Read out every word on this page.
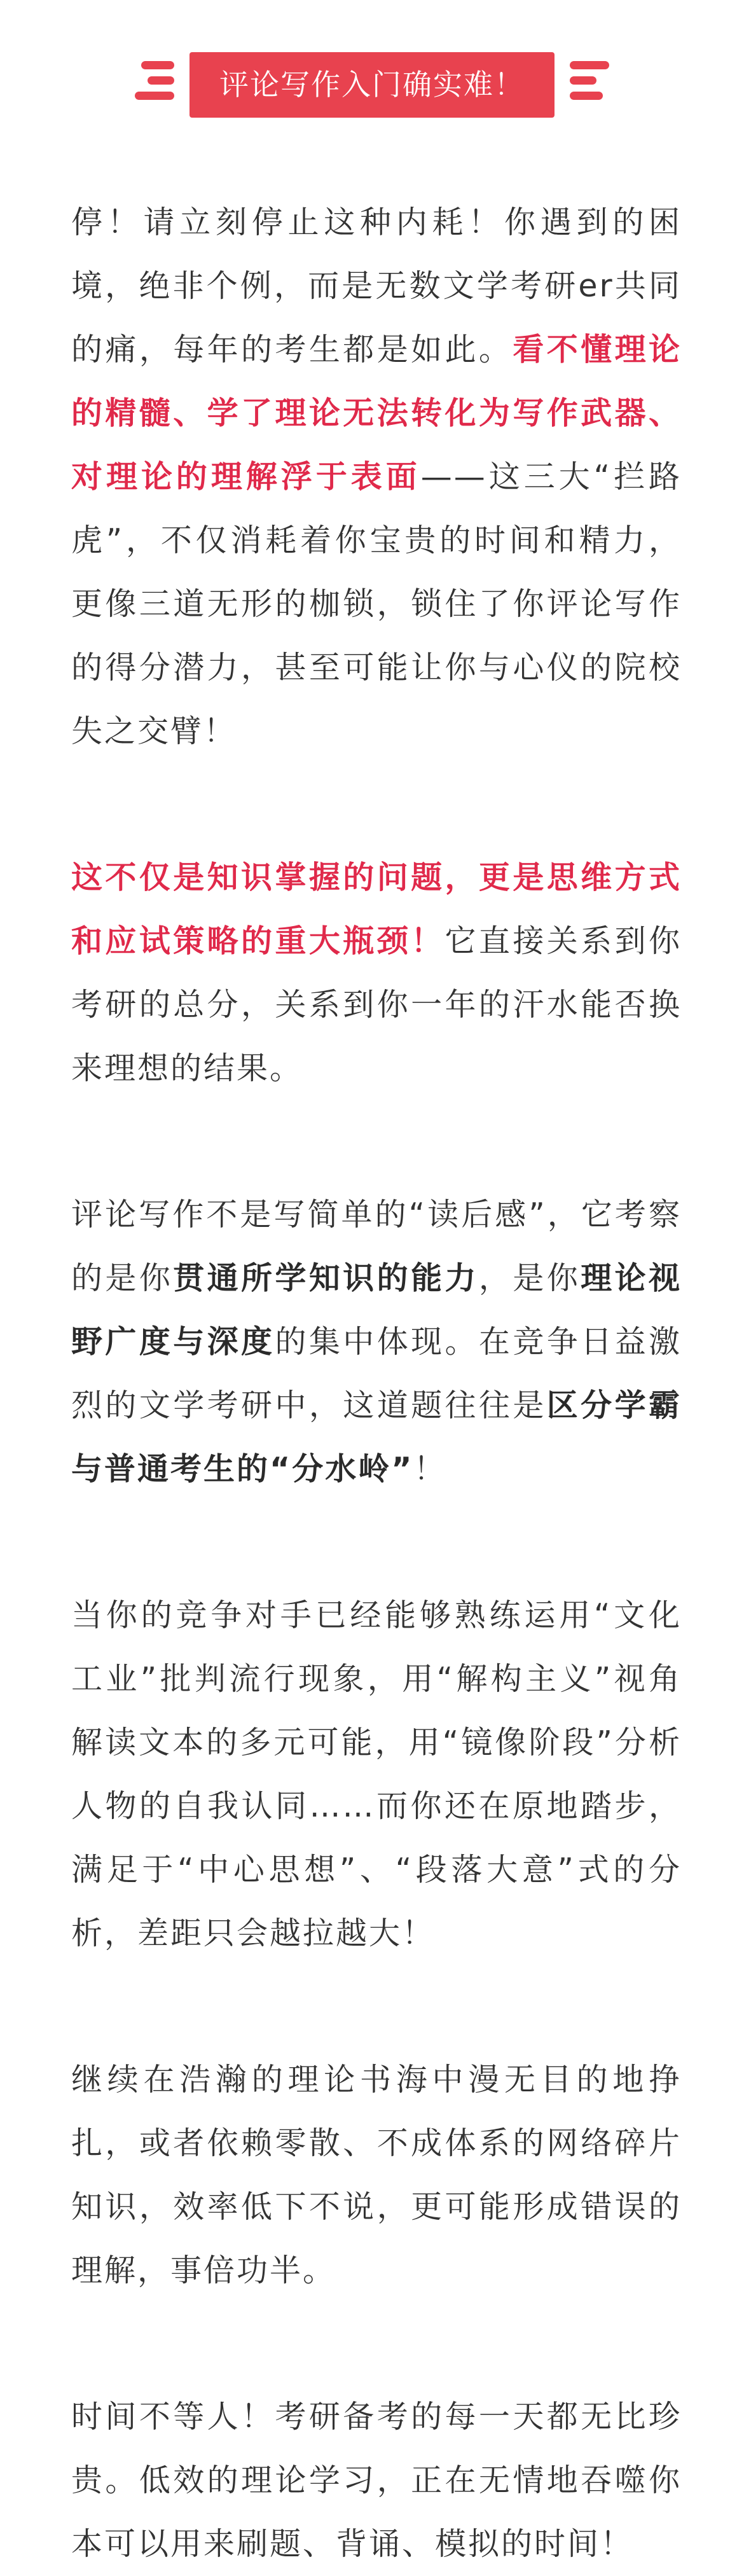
评论写作入门确实难！

停！请立刻停止这种内耗！你遇到的困境，绝非个例，而是无数文学考研er共同的痛，每年的考生都是如此。看不懂理论的精髓、学了理论无法转化为写作武器、对理论的理解浮于表面——这三大“拦路虎”，不仅消耗着你宝贵的时间和精力，更像三道无形的枷锁，锁住了你评论写作的得分潜力，甚至可能让你与心仪的院校失之交臂！

这不仅是知识掌握的问题，更是思维方式和应试策略的重大瓶颈！它直接关系到你考研的总分，关系到你一年的汗水能否换来理想的结果。

评论写作不是写简单的“读后感”，它考察的是你贯通所学知识的能力，是你理论视野广度与深度的集中体现。在竞争日益激烈的文学考研中，这道题往往是区分学霸与普通考生的“分水岭”！

当你的竞争对手已经能够熟练运用“文化工业”批判流行现象，用“解构主义”视角解读文本的多元可能，用“镜像阶段”分析人物的自我认同……而你还在原地踏步，满足于“中心思想”、“段落大意”式的分析，差距只会越拉越大！

继续在浩瀚的理论书海中漫无目的地挣扎，或者依赖零散、不成体系的网络碎片知识，效率低下不说，更可能形成错误的理解，事倍功半。

时间不等人！考研备考的每一天都无比珍贵。低效的理论学习，正在无情地吞噬你本可以用来刷题、背诵、模拟的时间！
